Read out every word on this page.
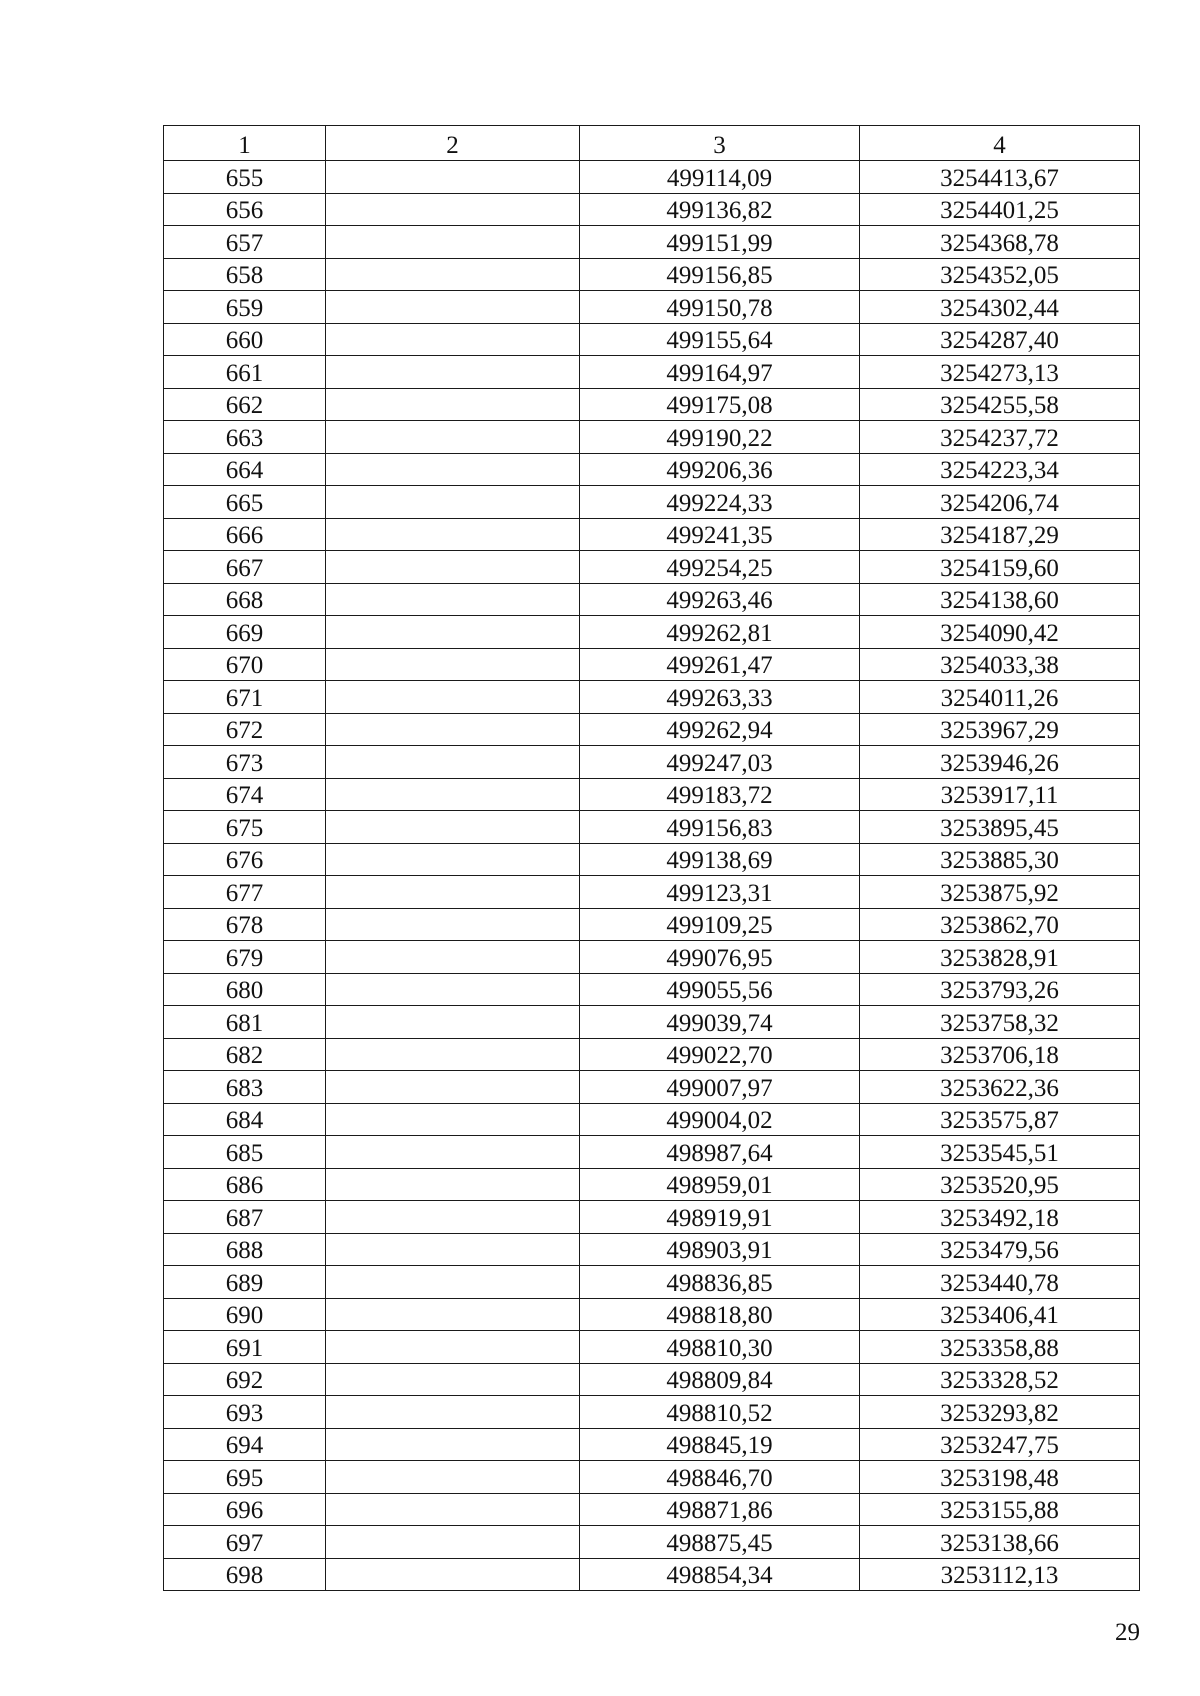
1	2	3	4
655		499114,09	3254413,67
656		499136,82	3254401,25
657		499151,99	3254368,78
658		499156,85	3254352,05
659		499150,78	3254302,44
660		499155,64	3254287,40
661		499164,97	3254273,13
662		499175,08	3254255,58
663		499190,22	3254237,72
664		499206,36	3254223,34
665		499224,33	3254206,74
666		499241,35	3254187,29
667		499254,25	3254159,60
668		499263,46	3254138,60
669		499262,81	3254090,42
670		499261,47	3254033,38
671		499263,33	3254011,26
672		499262,94	3253967,29
673		499247,03	3253946,26
674		499183,72	3253917,11
675		499156,83	3253895,45
676		499138,69	3253885,30
677		499123,31	3253875,92
678		499109,25	3253862,70
679		499076,95	3253828,91
680		499055,56	3253793,26
681		499039,74	3253758,32
682		499022,70	3253706,18
683		499007,97	3253622,36
684		499004,02	3253575,87
685		498987,64	3253545,51
686		498959,01	3253520,95
687		498919,91	3253492,18
688		498903,91	3253479,56
689		498836,85	3253440,78
690		498818,80	3253406,41
691		498810,30	3253358,88
692		498809,84	3253328,52
693		498810,52	3253293,82
694		498845,19	3253247,75
695		498846,70	3253198,48
696		498871,86	3253155,88
697		498875,45	3253138,66
698		498854,34	3253112,13
29
